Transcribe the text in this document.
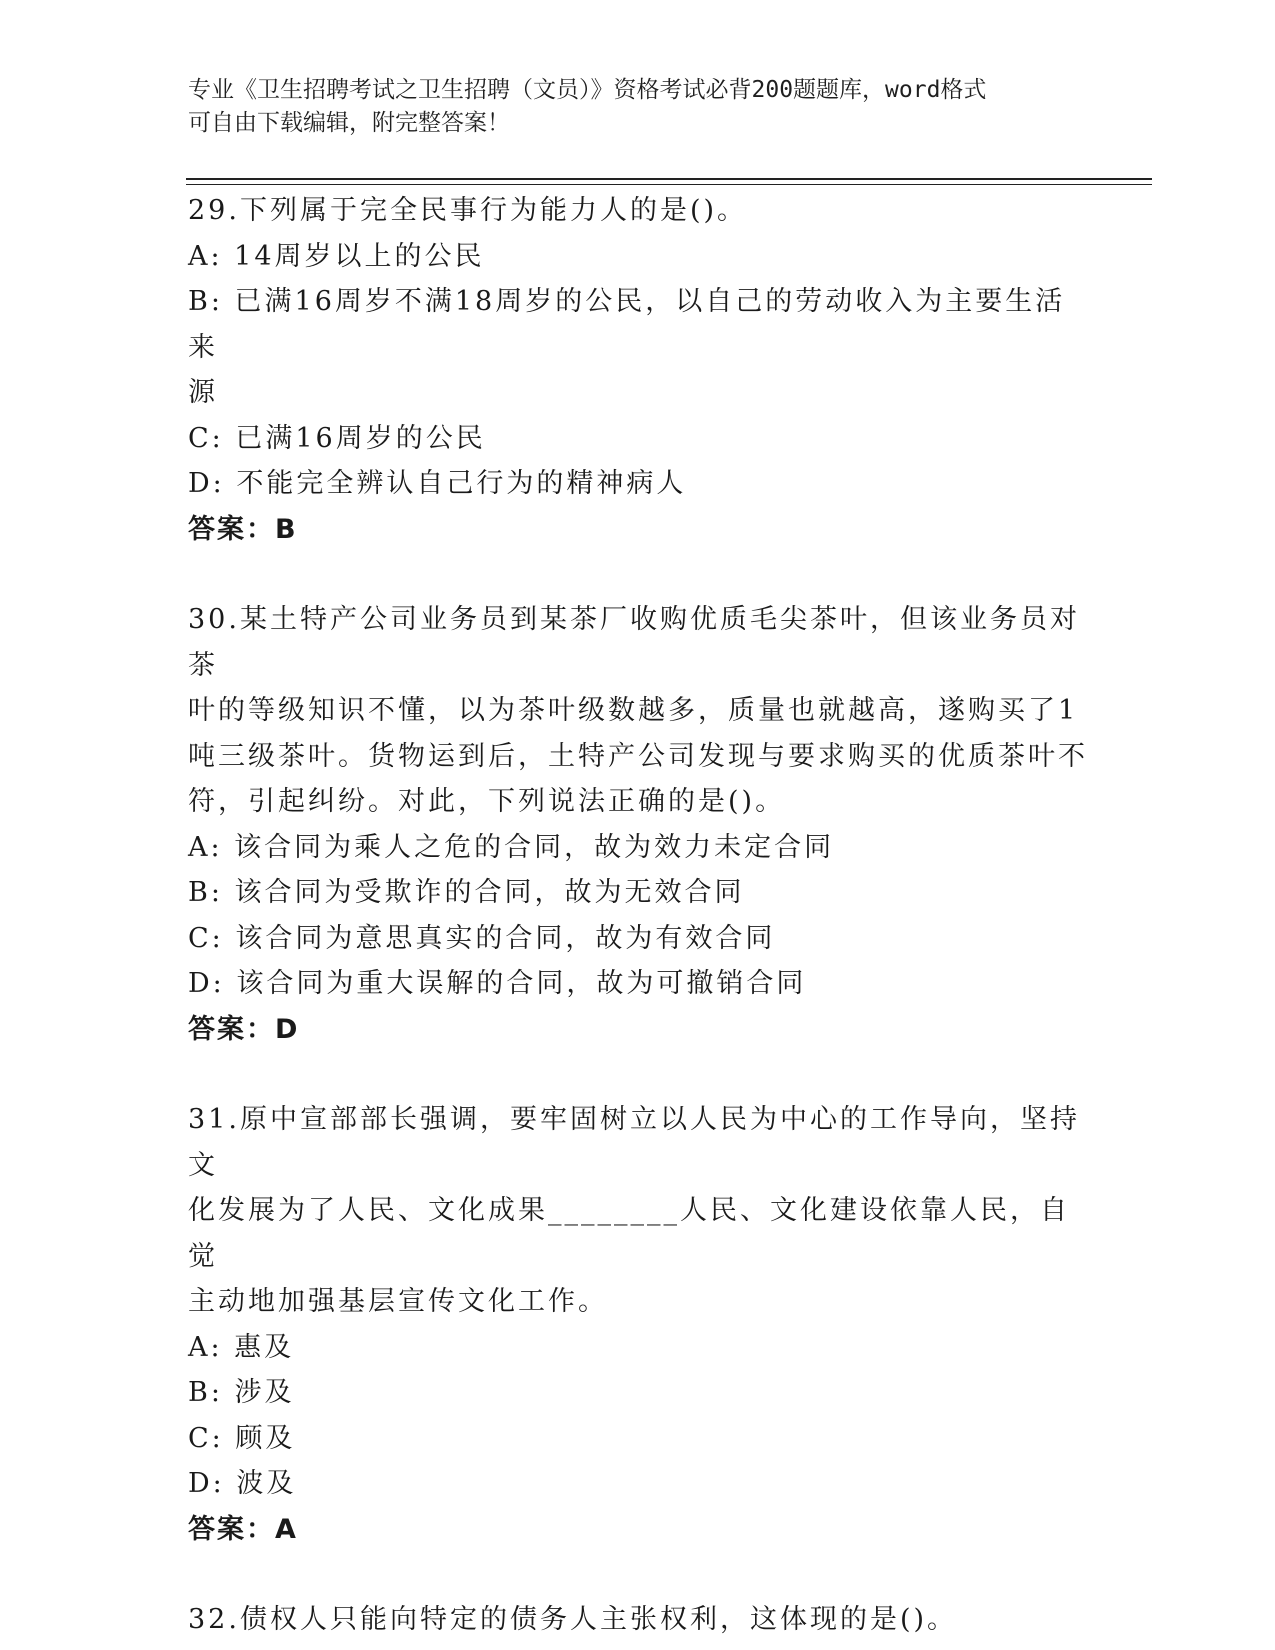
专业《卫生招聘考试之卫生招聘（文员）》资格考试必背200题题库，word格式
可自由下载编辑，附完整答案！
29.下列属于完全民事行为能力人的是()。
A: 14周岁以上的公民
B: 已满16周岁不满18周岁的公民，以自己的劳动收入为主要生活来
源
C: 已满16周岁的公民
D: 不能完全辨认自己行为的精神病人
答案：B
30.某土特产公司业务员到某茶厂收购优质毛尖茶叶，但该业务员对茶
叶的等级知识不懂，以为茶叶级数越多，质量也就越高，遂购买了1
吨三级茶叶。货物运到后，土特产公司发现与要求购买的优质茶叶不
符，引起纠纷。对此，下列说法正确的是()。
A: 该合同为乘人之危的合同，故为效力未定合同
B: 该合同为受欺诈的合同，故为无效合同
C: 该合同为意思真实的合同，故为有效合同
D: 该合同为重大误解的合同，故为可撤销合同
答案：D
31.原中宣部部长强调，要牢固树立以人民为中心的工作导向，坚持文
化发展为了人民、文化成果________人民、文化建设依靠人民，自觉
主动地加强基层宣传文化工作。
A: 惠及
B: 涉及
C: 顾及
D: 波及
答案：A
32.债权人只能向特定的债务人主张权利，这体现的是()。
